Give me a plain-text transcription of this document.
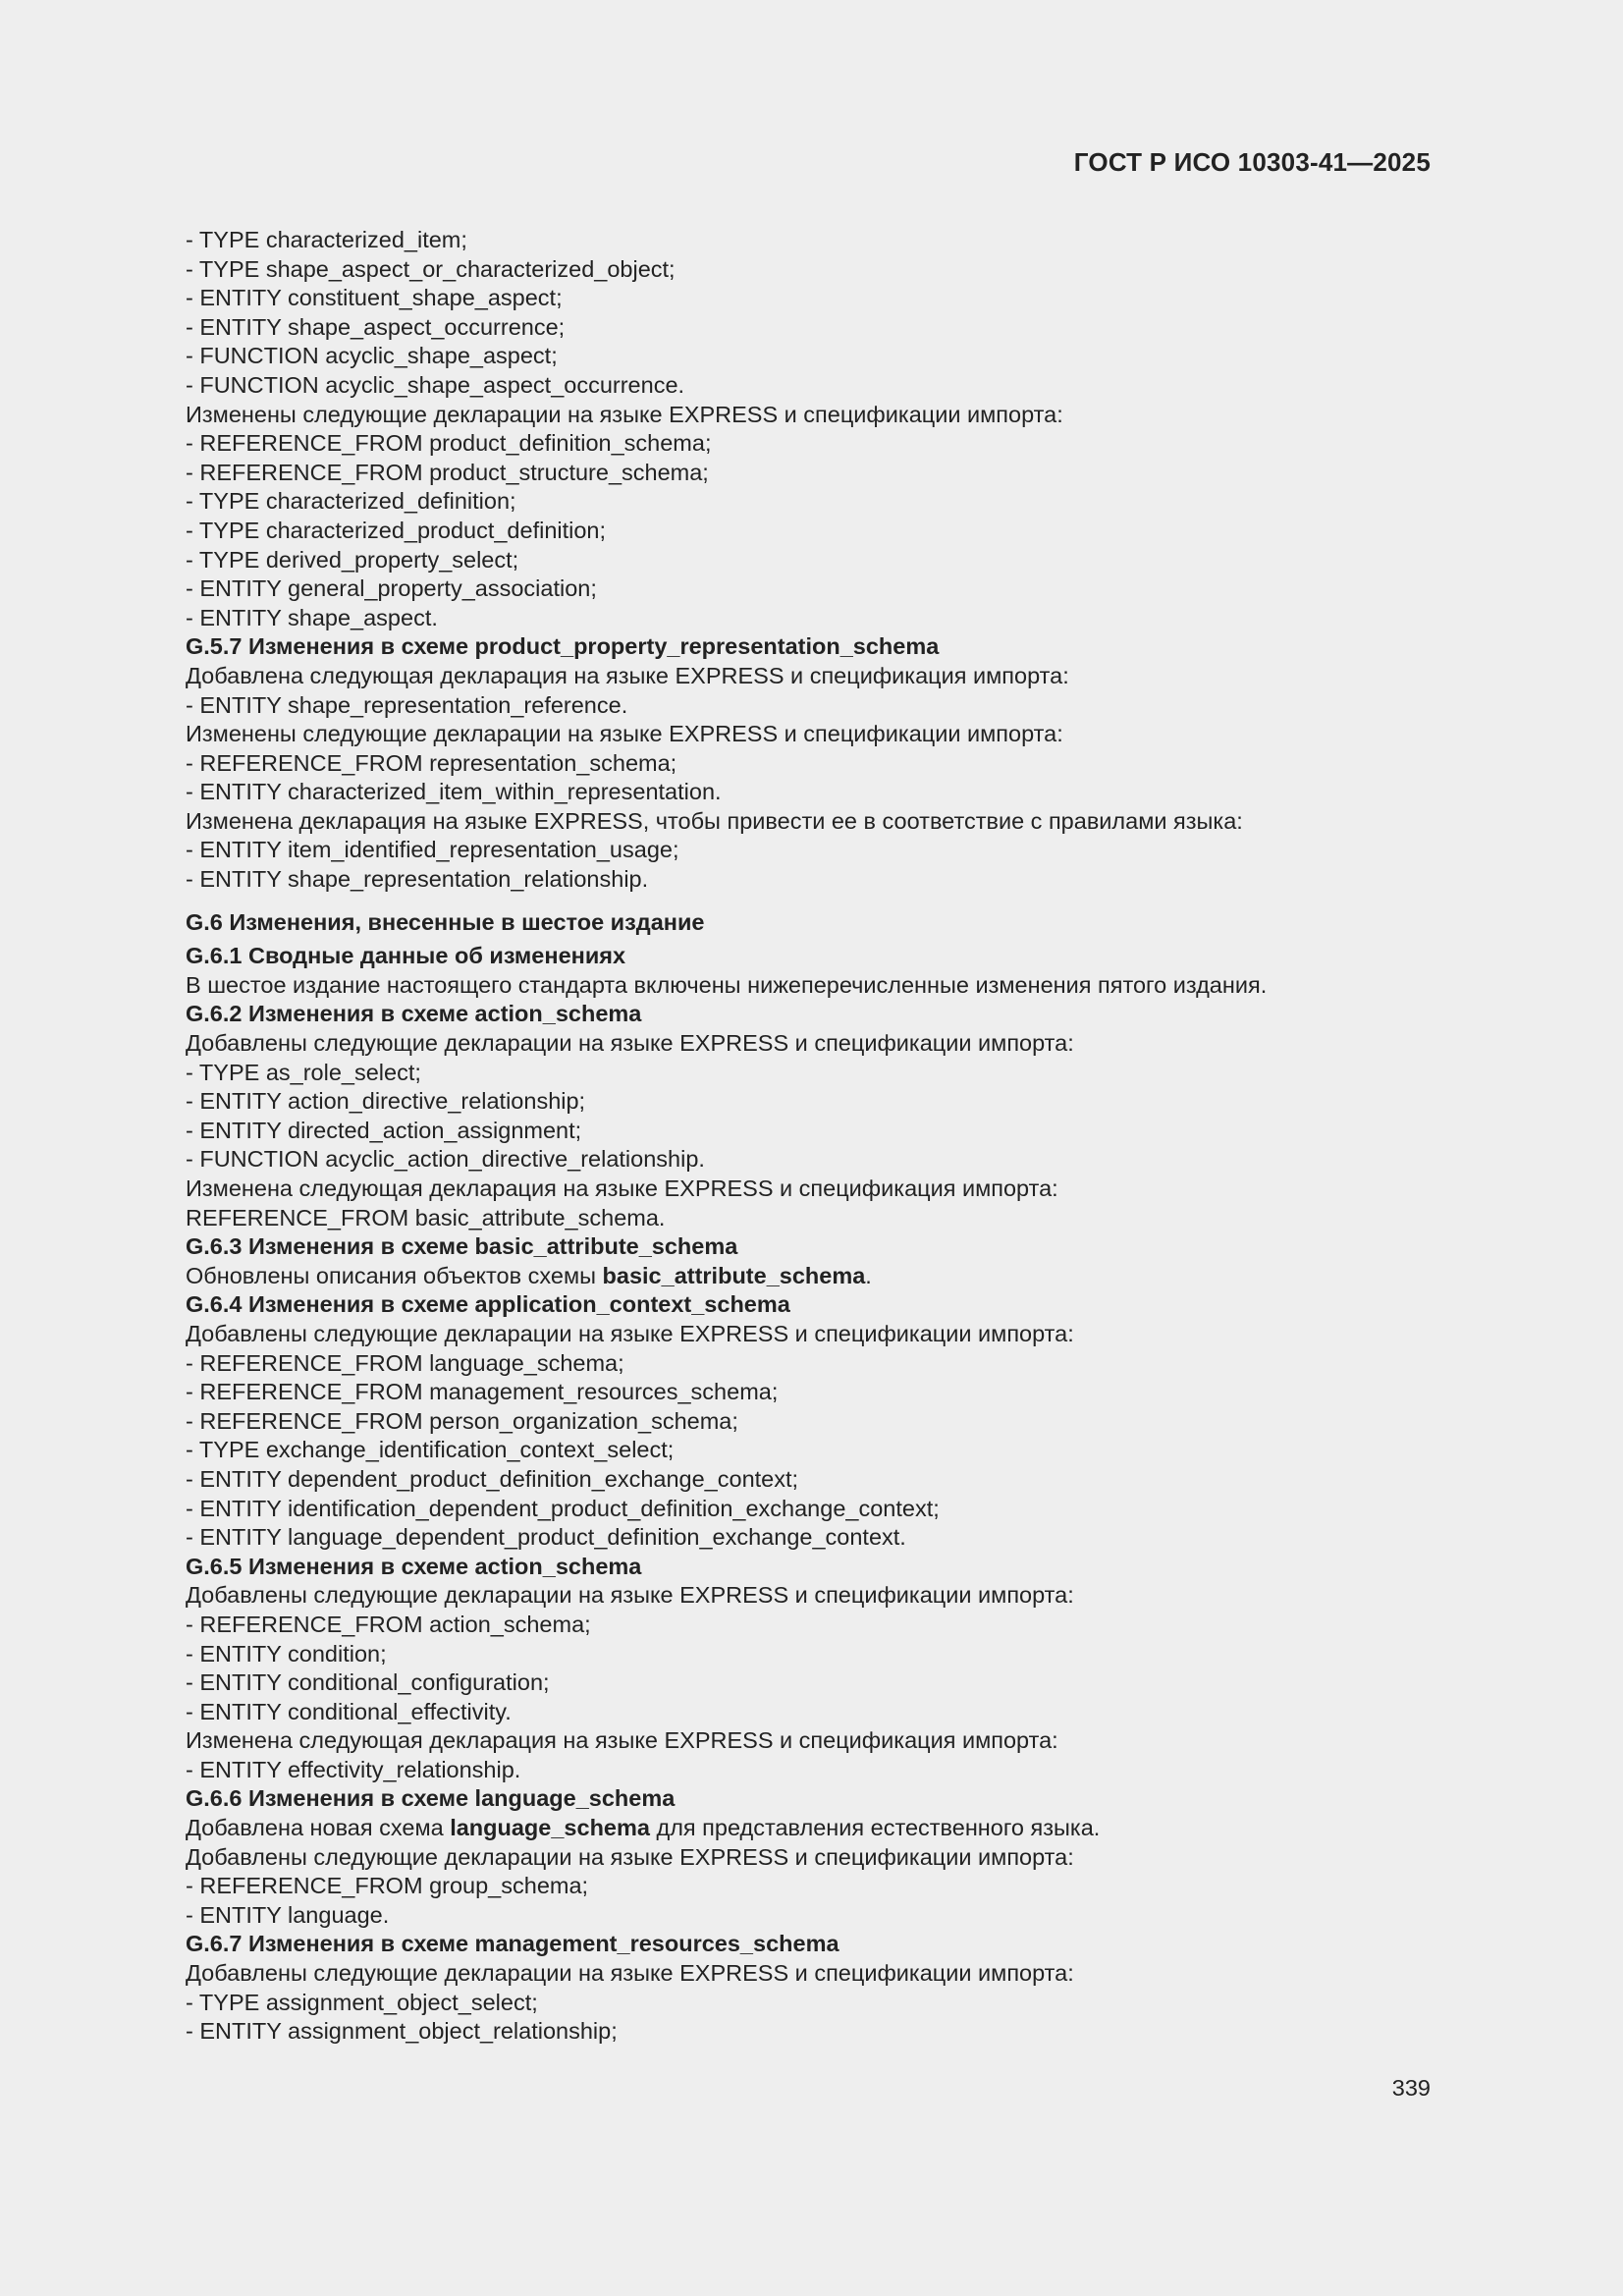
ГОСТ Р ИСО 10303-41—2025
- TYPE characterized_item;
- TYPE shape_aspect_or_characterized_object;
- ENTITY constituent_shape_aspect;
- ENTITY shape_aspect_occurrence;
- FUNCTION acyclic_shape_aspect;
- FUNCTION acyclic_shape_aspect_occurrence.
Изменены следующие декларации на языке EXPRESS и спецификации импорта:
- REFERENCE_FROM product_definition_schema;
- REFERENCE_FROM product_structure_schema;
- TYPE characterized_definition;
- TYPE characterized_product_definition;
- TYPE derived_property_select;
- ENTITY general_property_association;
- ENTITY shape_aspect.
G.5.7 Изменения в схеме product_property_representation_schema
Добавлена следующая декларация на языке EXPRESS и спецификация импорта:
- ENTITY shape_representation_reference.
Изменены следующие декларации на языке EXPRESS и спецификации импорта:
- REFERENCE_FROM representation_schema;
- ENTITY characterized_item_within_representation.
Изменена декларация на языке EXPRESS, чтобы привести ее в соответствие с правилами языка:
- ENTITY item_identified_representation_usage;
- ENTITY shape_representation_relationship.
G.6 Изменения, внесенные в шестое издание
G.6.1 Сводные данные об изменениях
В шестое издание настоящего стандарта включены нижеперечисленные изменения пятого издания.
G.6.2 Изменения в схеме action_schema
Добавлены следующие декларации на языке EXPRESS и спецификации импорта:
- TYPE as_role_select;
- ENTITY action_directive_relationship;
- ENTITY directed_action_assignment;
- FUNCTION acyclic_action_directive_relationship.
Изменена следующая декларация на языке EXPRESS и спецификация импорта:
REFERENCE_FROM basic_attribute_schema.
G.6.3 Изменения в схеме basic_attribute_schema
Обновлены описания объектов схемы basic_attribute_schema.
G.6.4 Изменения в схеме application_context_schema
Добавлены следующие декларации на языке EXPRESS и спецификации импорта:
- REFERENCE_FROM language_schema;
- REFERENCE_FROM management_resources_schema;
- REFERENCE_FROM person_organization_schema;
- TYPE exchange_identification_context_select;
- ENTITY dependent_product_definition_exchange_context;
- ENTITY identification_dependent_product_definition_exchange_context;
- ENTITY language_dependent_product_definition_exchange_context.
G.6.5 Изменения в схеме action_schema
Добавлены следующие декларации на языке EXPRESS и спецификации импорта:
- REFERENCE_FROM action_schema;
- ENTITY condition;
- ENTITY conditional_configuration;
- ENTITY conditional_effectivity.
Изменена следующая декларация на языке EXPRESS и спецификация импорта:
- ENTITY effectivity_relationship.
G.6.6 Изменения в схеме language_schema
Добавлена новая схема language_schema для представления естественного языка.
Добавлены следующие декларации на языке EXPRESS и спецификации импорта:
- REFERENCE_FROM group_schema;
- ENTITY language.
G.6.7 Изменения в схеме management_resources_schema
Добавлены следующие декларации на языке EXPRESS и спецификации импорта:
- TYPE assignment_object_select;
- ENTITY assignment_object_relationship;
339
